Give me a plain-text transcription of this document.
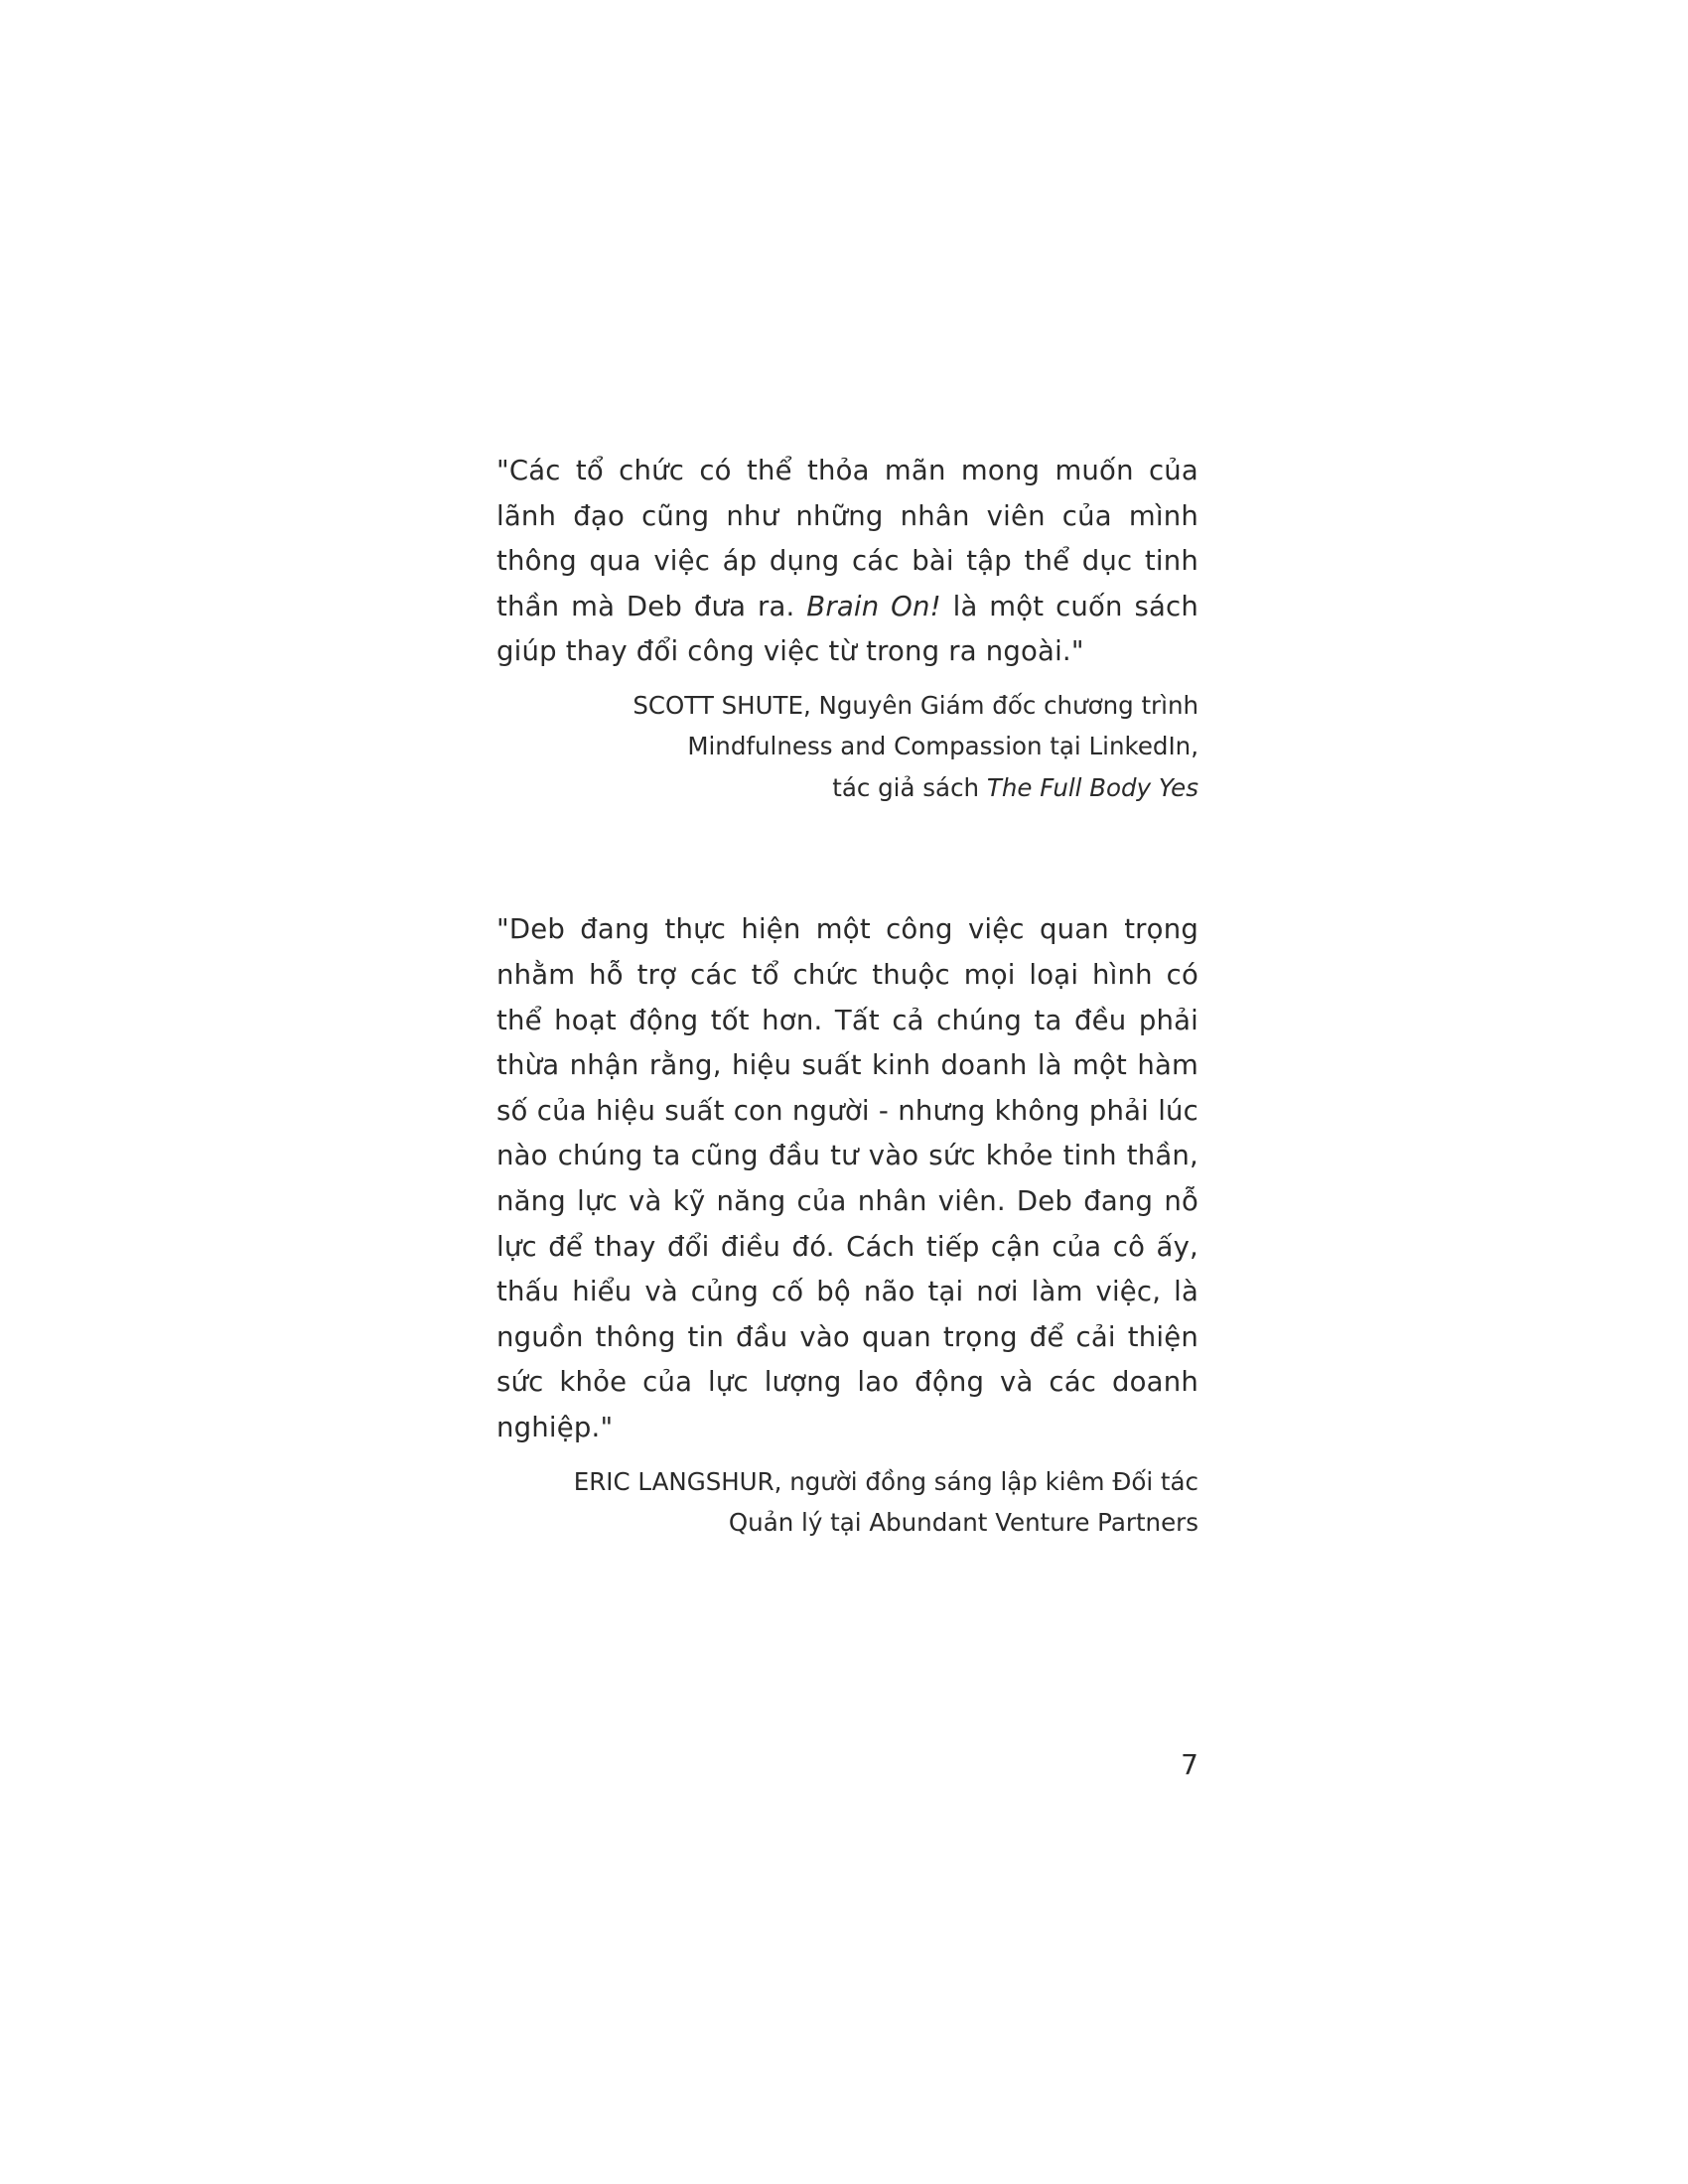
"Các tổ chức có thể thỏa mãn mong muốn của lãnh đạo cũng như những nhân viên của mình thông qua việc áp dụng các bài tập thể dục tinh thần mà Deb đưa ra. Brain On! là một cuốn sách giúp thay đổi công việc từ trong ra ngoài."

SCOTT SHUTE, Nguyên Giám đốc chương trình
Mindfulness and Compassion tại LinkedIn,
tác giả sách The Full Body Yes

"Deb đang thực hiện một công việc quan trọng nhằm hỗ trợ các tổ chức thuộc mọi loại hình có thể hoạt động tốt hơn. Tất cả chúng ta đều phải thừa nhận rằng, hiệu suất kinh doanh là một hàm số của hiệu suất con người - nhưng không phải lúc nào chúng ta cũng đầu tư vào sức khỏe tinh thần, năng lực và kỹ năng của nhân viên. Deb đang nỗ lực để thay đổi điều đó. Cách tiếp cận của cô ấy, thấu hiểu và củng cố bộ não tại nơi làm việc, là nguồn thông tin đầu vào quan trọng để cải thiện sức khỏe của lực lượng lao động và các doanh nghiệp."

ERIC LANGSHUR, người đồng sáng lập kiêm Đối tác
Quản lý tại Abundant Venture Partners

7
